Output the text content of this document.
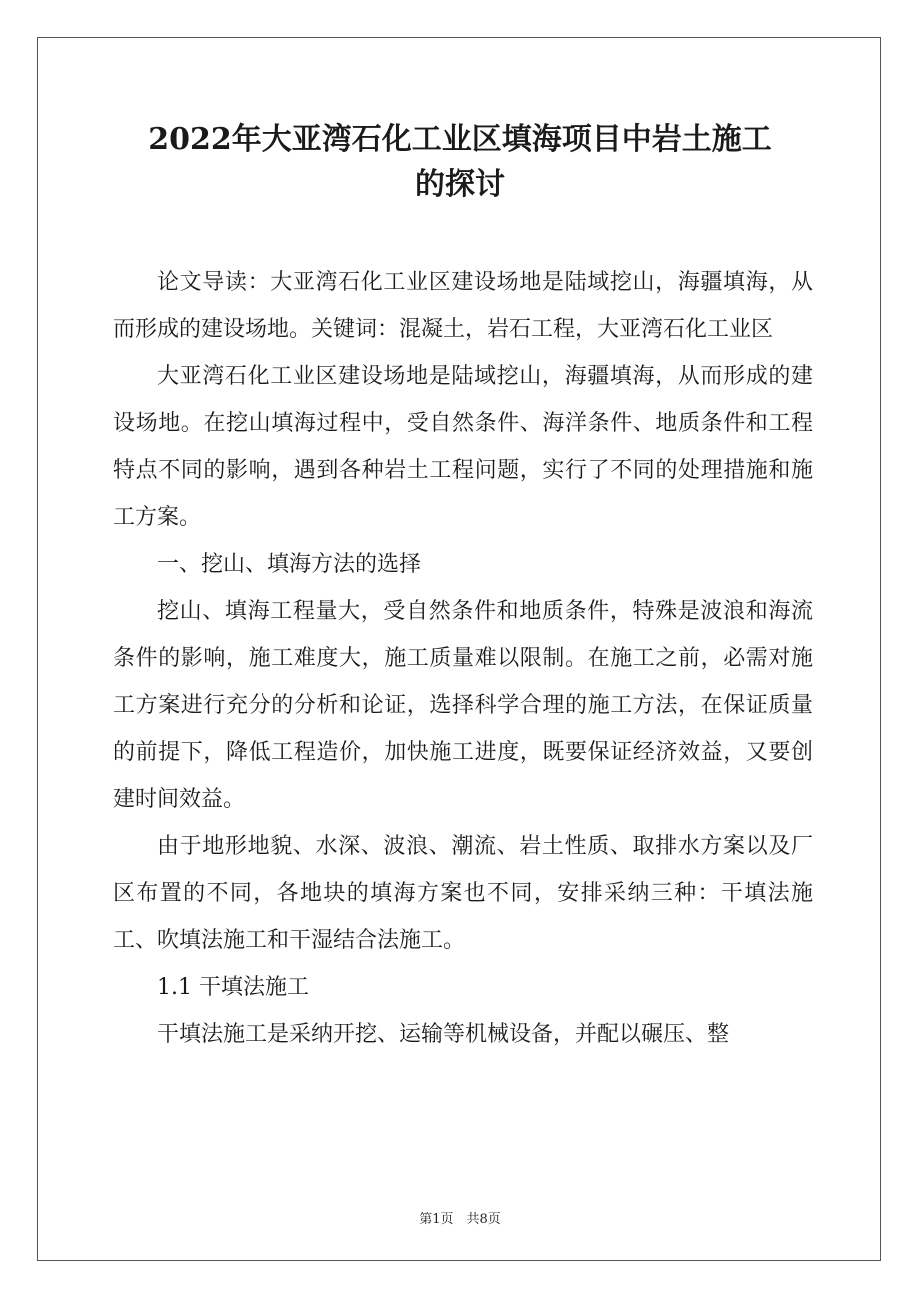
2022年大亚湾石化工业区填海项目中岩土施工
的探讨

论文导读：大亚湾石化工业区建设场地是陆域挖山，海疆填海，从而形成的建设场地。关键词：混凝土，岩石工程，大亚湾石化工业区

大亚湾石化工业区建设场地是陆域挖山，海疆填海，从而形成的建设场地。在挖山填海过程中，受自然条件、海洋条件、地质条件和工程特点不同的影响，遇到各种岩土工程问题，实行了不同的处理措施和施工方案。

一、挖山、填海方法的选择

挖山、填海工程量大，受自然条件和地质条件，特殊是波浪和海流条件的影响，施工难度大，施工质量难以限制。在施工之前，必需对施工方案进行充分的分析和论证，选择科学合理的施工方法，在保证质量的前提下，降低工程造价，加快施工进度，既要保证经济效益，又要创建时间效益。

由于地形地貌、水深、波浪、潮流、岩土性质、取排水方案以及厂区布置的不同，各地块的填海方案也不同，安排采纳三种：干填法施工、吹填法施工和干湿结合法施工。

1.1 干填法施工

干填法施工是采纳开挖、运输等机械设备，并配以碾压、整

第1页　共8页
